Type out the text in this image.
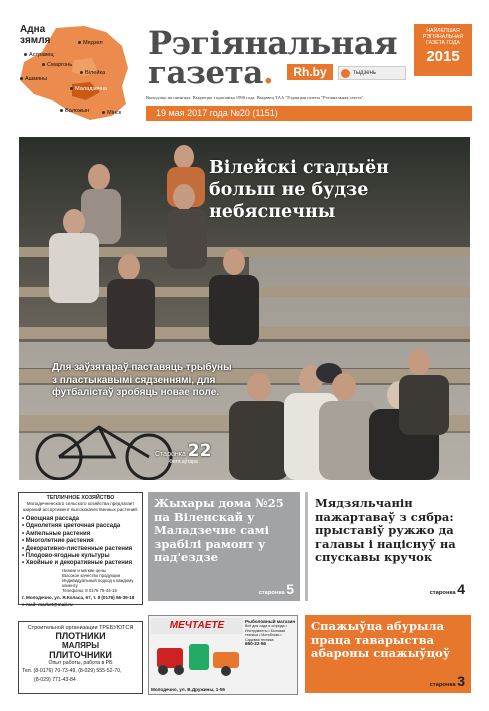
Адна зямля	Мядзел
Астравец
Смаргонь
Ашмяны
Вілейка
Маладзечна
Валожын	Мінск
Рэгіянальная
газета.	Rh.by	тыдзень
НАЙЛЕПШАЯ
РЭГІЯНАЛЬНАЯ
ГАЗЕТА ГОДА
2015
Выходзіць па пятніцах. Выдаецца з красавіка 1990 года. Выдавец ТАА "Рэдакцыя газеты "Рэгіянальная газета".
19 мая 2017 года №20 (1151)
Вілейскі стадыён больш не будзе небяспечны
Для заўзятараў паставяць трыбуны з пластыкавымі сядзеннямі, для футбалістаў зробяць новае поле.
Старонка 22
Фота аўтара
ТЕПЛИЧНОЕ ХОЗЯЙСТВО
Молодечненского сельского хозяйства предлагает
широкий ассортимент высококачественных растений:
• Овощная рассада
• Однолетняя цветочная рассада
• Ампельные растения
• Многолетние растения
• Декоративно-лиственные растения
• Плодово-ягодные культуры
• Хвойные и декоративные растения
Низкие и мягкие цены
Высокое качество продукции
Индивидуальный подход к каждому клиенту
Телефоны: 8 0176 78-44-16
г. Молодечно, ул. Я.Коласа, 67, т. 8 (0176) 56-39-18
e-mail: market@mail.ru
Жыхары дома №25 па Віленскай у Маладзечне самі зрабілі рамонт у пад'ездзе
старонка 5
Мядзяльчанін пажартаваў з сябра: прыставіў ружжо да галавы і націснуў на спускавы кручок
старонка 4
Спажыўца абурыла праца таварыства абароны спажыўцоў
старонка 3
Строительной организации ТРЕБУЮТСЯ
ПЛОТНИКИ
МАЛЯРЫ
ПЛИТОЧНИКИ
Опыт работы, работа в РБ
Тел. (8-0176) 70-73-49, (8-029) 555-52-70,
(8-029) 771-43-84
МЕЧТАЕТЕ	Рыболовный магазин
Всё для сада и огорода • Инструменты • Бытовая техника • Мотоблоки • Садовая техника
660-22-56
Молодечно, ул. В.Дружины, 1-55
